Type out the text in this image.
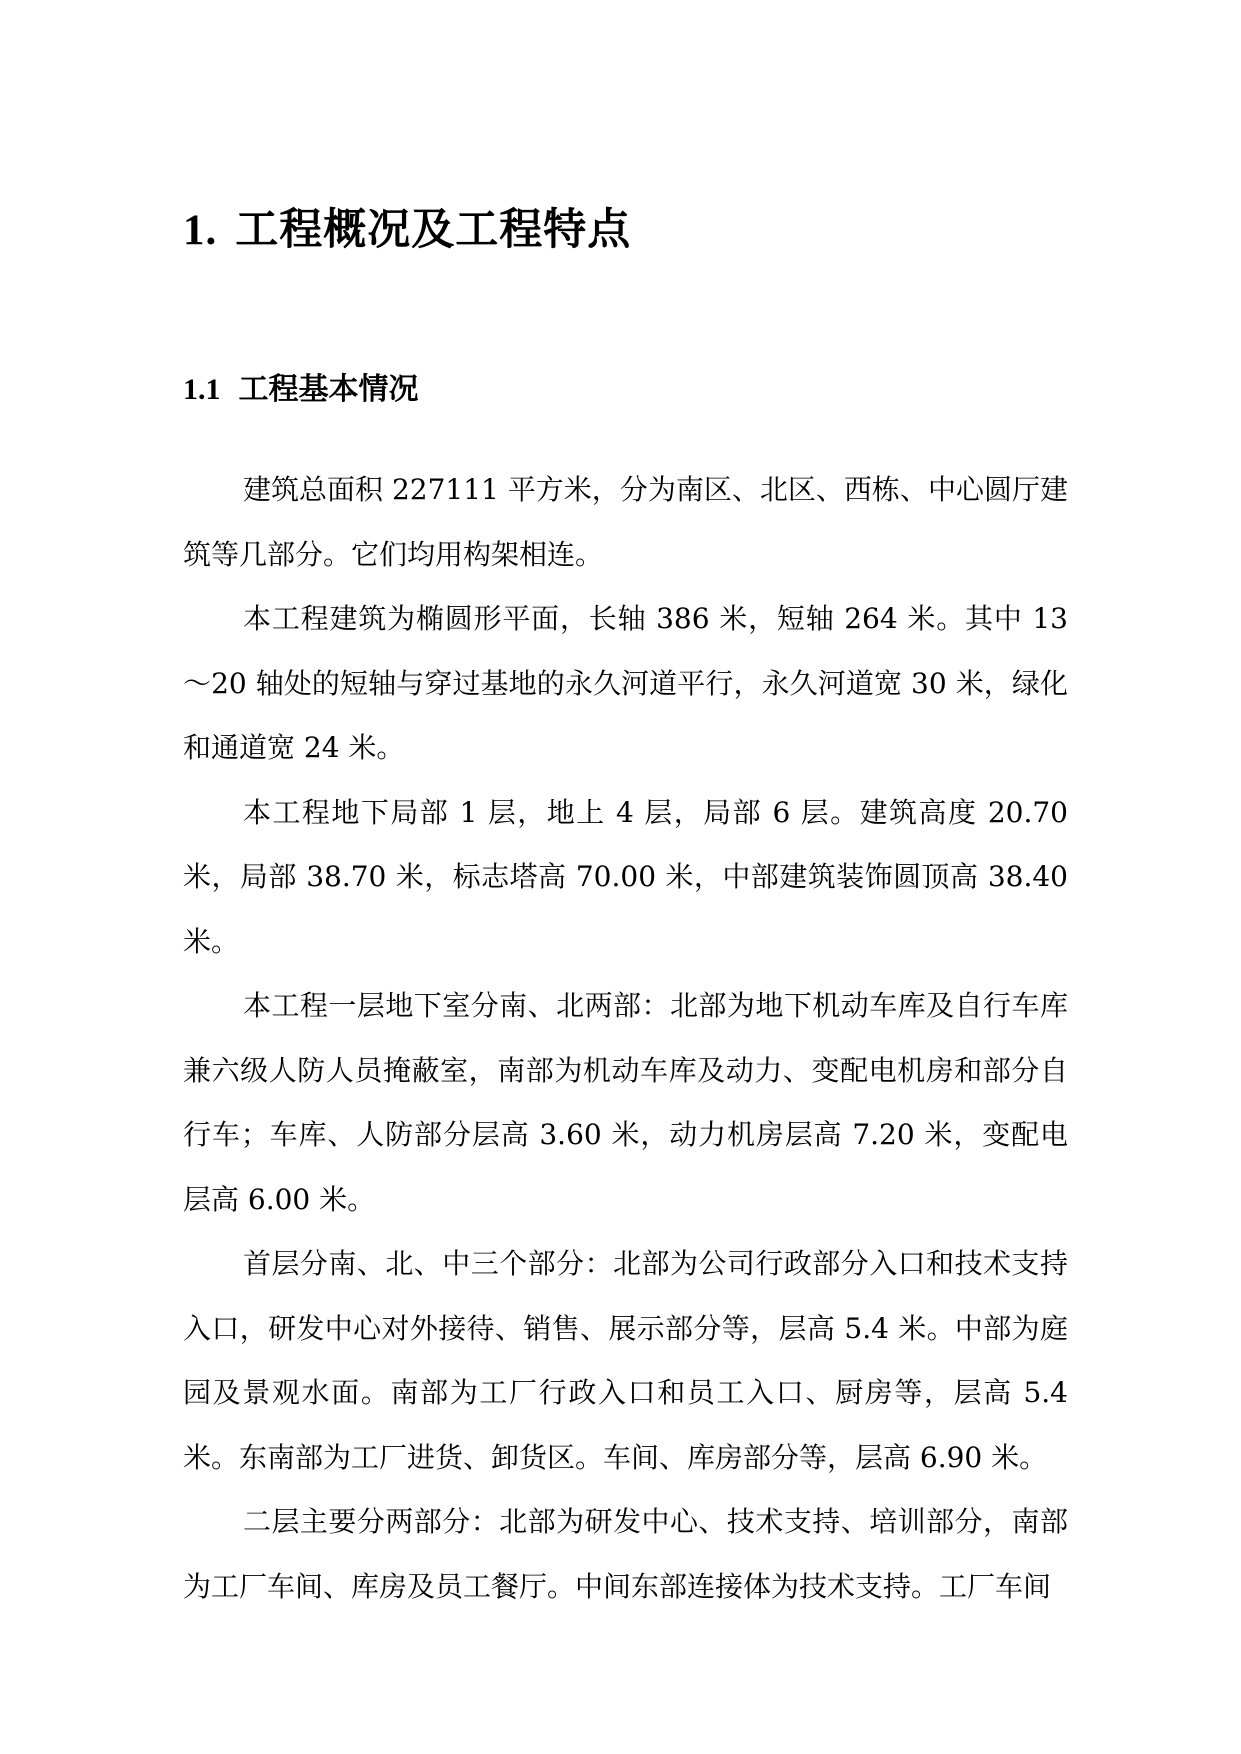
1. 工程概况及工程特点
1.1 工程基本情况

建筑总面积 227111 平方米，分为南区、北区、西栋、中心圆厅建筑等几部分。它们均用构架相连。

本工程建筑为椭圆形平面，长轴 386 米，短轴 264 米。其中 13～20 轴处的短轴与穿过基地的永久河道平行，永久河道宽 30 米，绿化和通道宽 24 米。

本工程地下局部 1 层，地上 4 层，局部 6 层。建筑高度 20.70 米，局部 38.70 米，标志塔高 70.00 米，中部建筑装饰圆顶高 38.40 米。

本工程一层地下室分南、北两部：北部为地下机动车库及自行车库兼六级人防人员掩蔽室，南部为机动车库及动力、变配电机房和部分自行车；车库、人防部分层高 3.60 米，动力机房层高 7.20 米，变配电层高 6.00 米。

首层分南、北、中三个部分：北部为公司行政部分入口和技术支持入口，研发中心对外接待、销售、展示部分等，层高 5.4 米。中部为庭园及景观水面。南部为工厂行政入口和员工入口、厨房等，层高 5.4 米。东南部为工厂进货、卸货区。车间、库房部分等，层高 6.90 米。

二层主要分两部分：北部为研发中心、技术支持、培训部分，南部为工厂车间、库房及员工餐厅。中间东部连接体为技术支持。工厂车间
